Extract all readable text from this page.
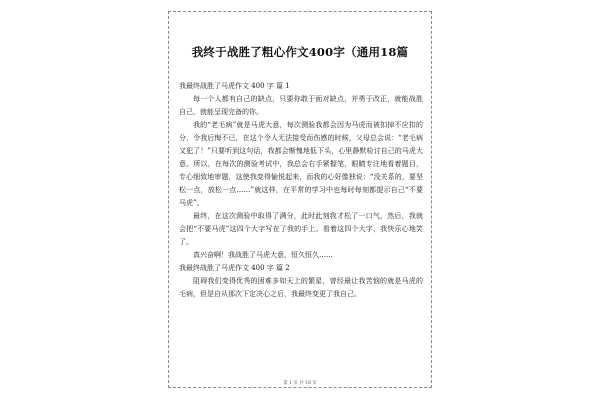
我终于战胜了粗心作文400字（通用18篇

我最终战胜了马虎作文 400 字 篇 1

每一个人都有自己的缺点，只要你敢于面对缺点，并勇于改正，就能战胜自己，就能呈现完备的你。

我的“老毛病”就是马虎大意，每次测验我都会因为马虎而被扣掉不应扣的分，令我后悔不已，在这个令人无法接受而伤感的时候，父母总会说：“老毛病又犯了！”只要听到这句话，我都会惭愧地低下头，心里静默检讨自己的马虎大意。所以，在每次的测验考试中，我总会右手紧握笔，眼睛专注地看着题目，专心细致地审题，这使我变得愉悦起来，而我的心好像独说：“没关系的，要坚松一点，放松一点……”就这样，在平常的学习中也每时每刻都提示自己“不要马虎”。

最终，在这次测验中取得了满分，此时此刻我才松了一口气，然后，我就会把“不要马虎”这四个大字写在了我的手上。看着这四个大字，我快乐心地笑了。

真兴奋啊！我战胜了马虎大意，恒久恒久……

我最终战胜了马虎作文 400 字 篇 2

阻碍我们变得优秀的困难多如天上的繁星，曾经最让我苦恼的就是马虎的毛病，但是自从那次下定决心之后，我最终变更了我自己。

第 1 页 共 18 页
